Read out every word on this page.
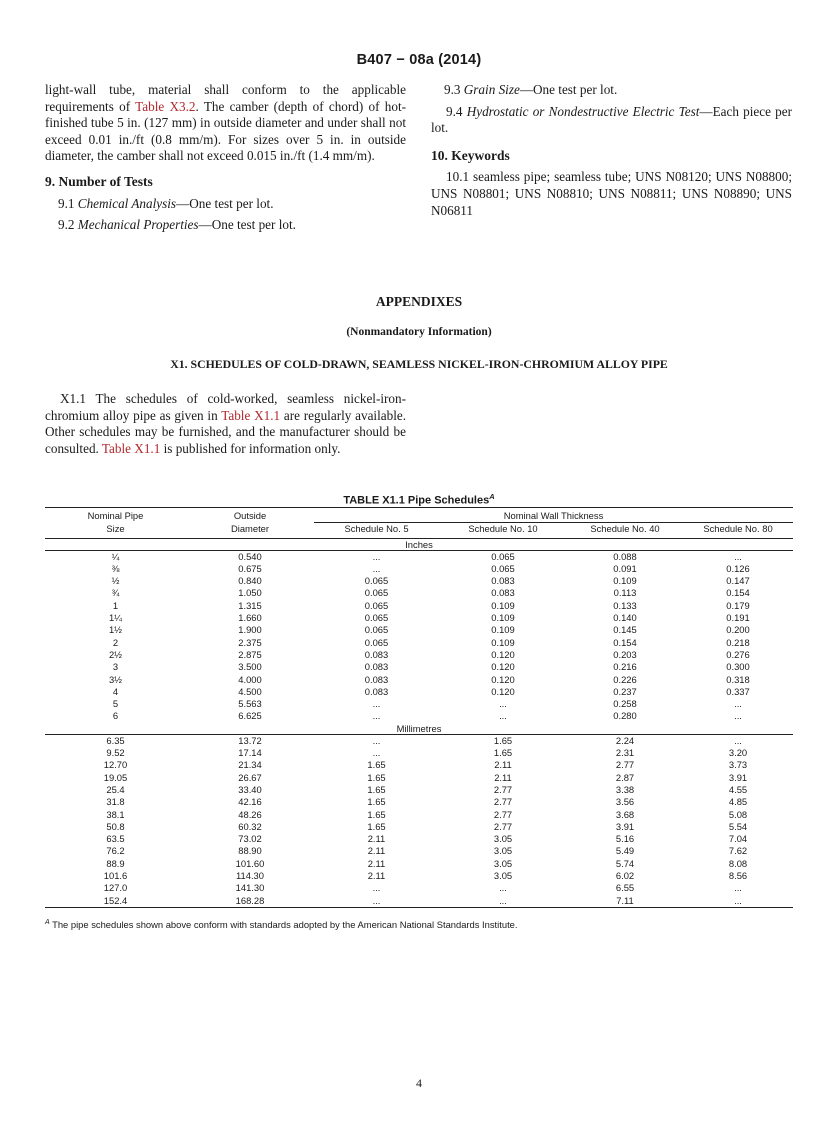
B407 − 08a (2014)

light-wall tube, material shall conform to the applicable requirements of Table X3.2. The camber (depth of chord) of hot-finished tube 5 in. (127 mm) in outside diameter and under shall not exceed 0.01 in./ft (0.8 mm/m). For sizes over 5 in. in outside diameter, the camber shall not exceed 0.015 in./ft (1.4 mm/m).

9. Number of Tests

9.1 Chemical Analysis—One test per lot.

9.2 Mechanical Properties—One test per lot.

9.3 Grain Size—One test per lot.

9.4 Hydrostatic or Nondestructive Electric Test—Each piece per lot.

10. Keywords

10.1 seamless pipe; seamless tube; UNS N08120; UNS N08800; UNS N08801; UNS N08810; UNS N08811; UNS N08890; UNS N06811

APPENDIXES
(Nonmandatory Information)
X1. SCHEDULES OF COLD-DRAWN, SEAMLESS NICKEL-IRON-CHROMIUM ALLOY PIPE

X1.1 The schedules of cold-worked, seamless nickel-iron-chromium alloy pipe as given in Table X1.1 are regularly available. Other schedules may be furnished, and the manufacturer should be consulted. Table X1.1 is published for information only.

TABLE X1.1 Pipe Schedules$^A$
Nominal Pipe	Outside	Nominal Wall Thickness			
Size	Diameter	Schedule No. 5	Schedule No. 10	Schedule No. 40	Schedule No. 80
Inches					
¼	0.540	...	0.065	0.088	...
⅜	0.675	...	0.065	0.091	0.126
½	0.840	0.065	0.083	0.109	0.147
¾	1.050	0.065	0.083	0.113	0.154
1	1.315	0.065	0.109	0.133	0.179
1¼	1.660	0.065	0.109	0.140	0.191
1½	1.900	0.065	0.109	0.145	0.200
2	2.375	0.065	0.109	0.154	0.218
2½	2.875	0.083	0.120	0.203	0.276
3	3.500	0.083	0.120	0.216	0.300
3½	4.000	0.083	0.120	0.226	0.318
4	4.500	0.083	0.120	0.237	0.337
5	5.563	...	...	0.258	...
6	6.625	...	...	0.280	...
Millimetres					
6.35	13.72	...	1.65	2.24	...
9.52	17.14	...	1.65	2.31	3.20
12.70	21.34	1.65	2.11	2.77	3.73
19.05	26.67	1.65	2.11	2.87	3.91
25.4	33.40	1.65	2.77	3.38	4.55
31.8	42.16	1.65	2.77	3.56	4.85
38.1	48.26	1.65	2.77	3.68	5.08
50.8	60.32	1.65	2.77	3.91	5.54
63.5	73.02	2.11	3.05	5.16	7.04
76.2	88.90	2.11	3.05	5.49	7.62
88.9	101.60	2.11	3.05	5.74	8.08
101.6	114.30	2.11	3.05	6.02	8.56
127.0	141.30	...	...	6.55	...
152.4	168.28	...	...	7.11	...
$^A$ The pipe schedules shown above conform with standards adopted by the American National Standards Institute.
4
